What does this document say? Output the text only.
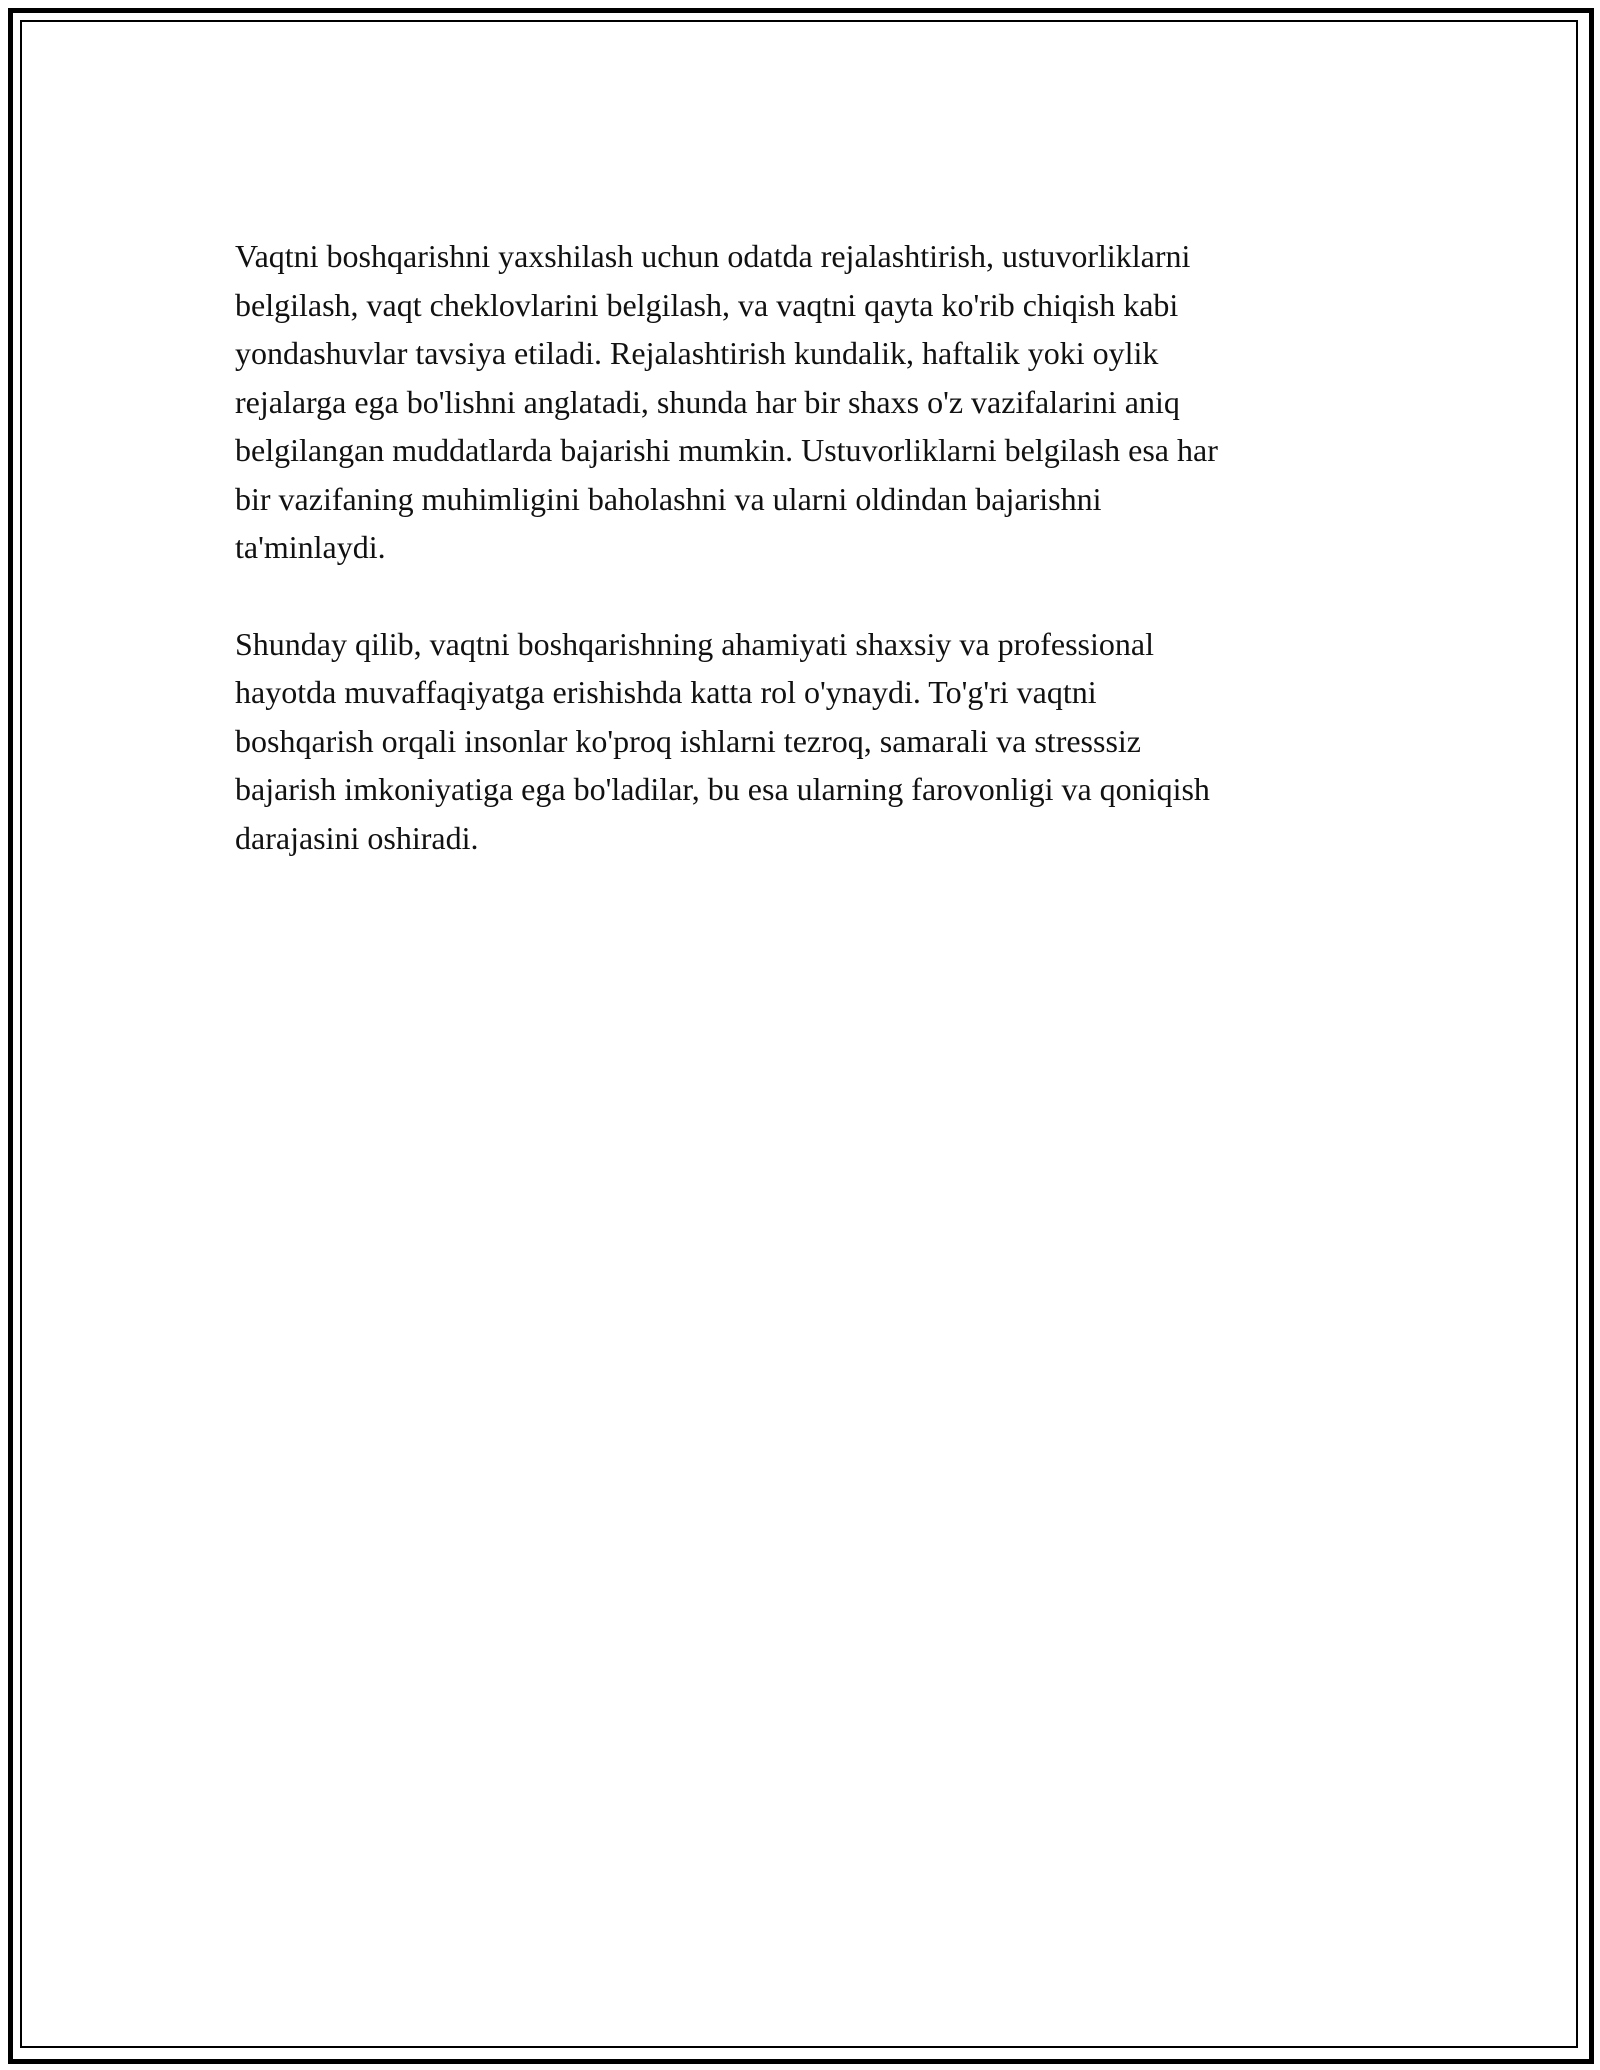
Vaqtni boshqarishni yaxshilash uchun odatda rejalashtirish, ustuvorliklarni
belgilash, vaqt cheklovlarini belgilash, va vaqtni qayta ko'rib chiqish kabi
yondashuvlar tavsiya etiladi. Rejalashtirish kundalik, haftalik yoki oylik
rejalarga ega bo'lishni anglatadi, shunda har bir shaxs o'z vazifalarini aniq
belgilangan muddatlarda bajarishi mumkin. Ustuvorliklarni belgilash esa har
bir vazifaning muhimligini baholashni va ularni oldindan bajarishni
ta'minlaydi.

Shunday qilib, vaqtni boshqarishning ahamiyati shaxsiy va professional
hayotda muvaffaqiyatga erishishda katta rol o'ynaydi. To'g'ri vaqtni
boshqarish orqali insonlar ko'proq ishlarni tezroq, samarali va stresssiz
bajarish imkoniyatiga ega bo'ladilar, bu esa ularning farovonligi va qoniqish
darajasini oshiradi.
